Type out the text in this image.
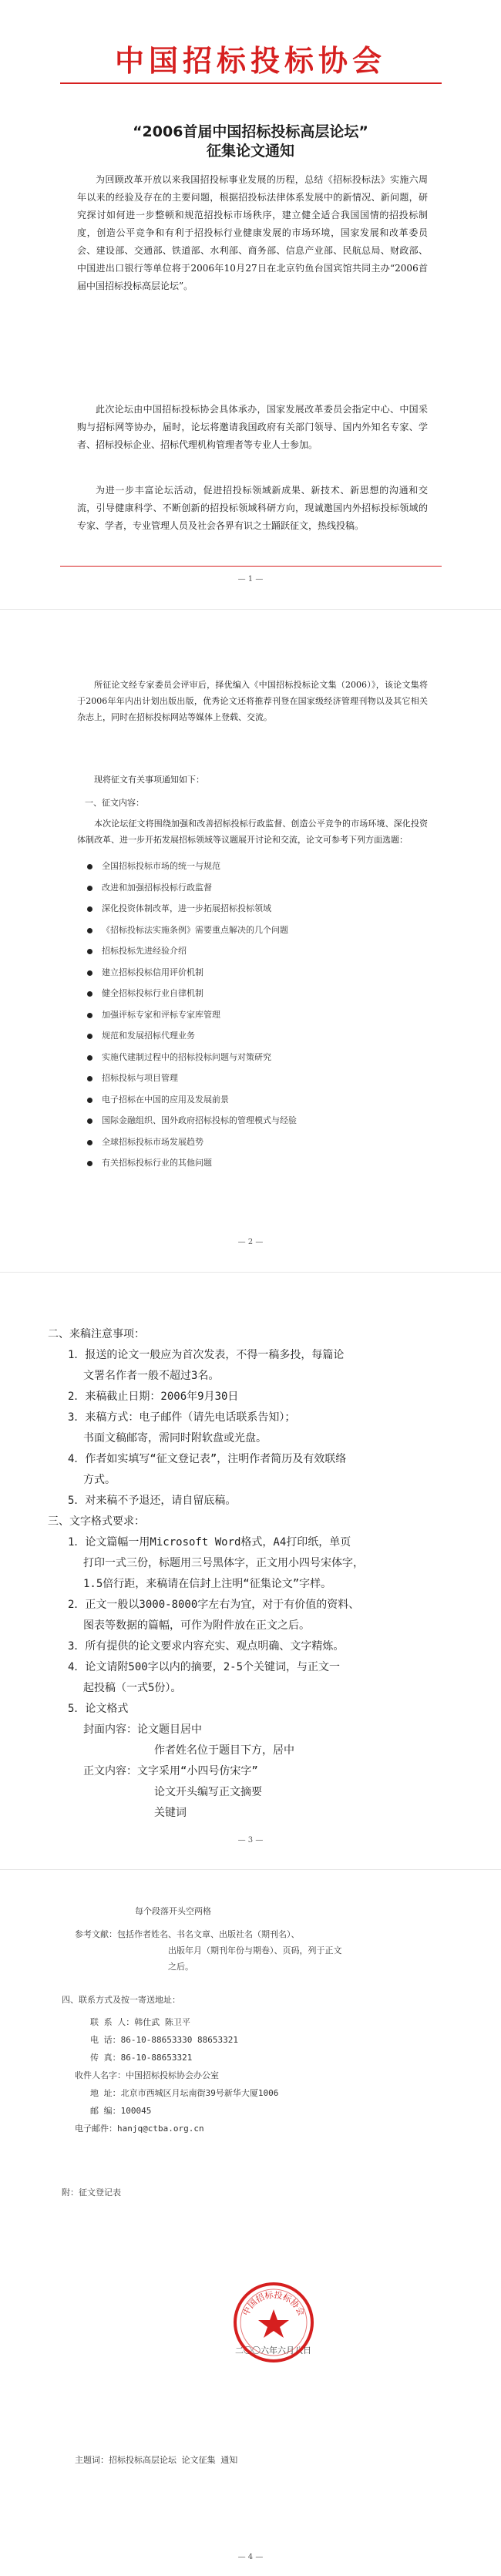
中国招标投标协会
“2006首届中国招标投标高层论坛”
征集论文通知
为回顾改革开放以来我国招投标事业发展的历程，总结《招标投标法》实施六周年以来的经验及存在的主要问题，根据招投标法律体系发展中的新情况、新问题，研究探讨如何进一步整顿和规范招投标市场秩序，建立健全适合我国国情的招投标制度，创造公平竞争和有利于招投标行业健康发展的市场环境，国家发展和改革委员会、建设部、交通部、铁道部、水利部、商务部、信息产业部、民航总局、财政部、中国进出口银行等单位将于2006年10月27日在北京钓鱼台国宾馆共同主办“2006首届中国招标投标高层论坛”。
此次论坛由中国招标投标协会具体承办，国家发展改革委员会指定中心、中国采购与招标网等协办，届时，论坛将邀请我国政府有关部门领导、国内外知名专家、学者、招标投标企业、招标代理机构管理者等专业人士参加。
为进一步丰富论坛活动，促进招投标领域新成果、新技术、新思想的沟通和交流，引导健康科学、不断创新的招投标领域科研方向，现诚邀国内外招标投标领域的专家、学者，专业管理人员及社会各界有识之士踊跃征文，热线投稿。
— 1 —
所征论文经专家委员会评审后，择优编入《中国招标投标论文集（2006）》，该论文集将于2006年年内出计划出版出版，优秀论文还将推荐刊登在国家级经济管理刊物以及其它相关杂志上，同时在招标投标网站等媒体上登载、交流。
现将征文有关事项通知如下：
一、征文内容：
本次论坛征文将围绕加强和改善招标投标行政监督、创造公平竞争的市场环境、深化投资体制改革、进一步开拓发展招标领域等议题展开讨论和交流，论文可参考下列方面选题：
全国招标投标市场的统一与规范
改进和加强招标投标行政监督
深化投资体制改革，进一步拓展招标投标领域
《招标投标法实施条例》需要重点解决的几个问题
招标投标先进经验介绍
建立招标投标信用评价机制
健全招标投标行业自律机制
加强评标专家和评标专家库管理
规范和发展招标代理业务
实施代建制过程中的招标投标问题与对策研究
招标投标与项目管理
电子招标在中国的应用及发展前景
国际金融组织、国外政府招标投标的管理模式与经验
全球招标投标市场发展趋势
有关招标投标行业的其他问题
— 2 —
二、来稿注意事项：
1．报送的论文一般应为首次发表，不得一稿多投，每篇论
文署名作者一般不超过3名。
2．来稿截止日期：2006年9月30日
3．来稿方式：电子邮件（请先电话联系告知）；
书面文稿邮寄，需同时附软盘或光盘。
4．作者如实填写“征文登记表”，注明作者简历及有效联络
方式。
5．对来稿不予退还，请自留底稿。
三、文字格式要求：
1．论文篇幅一用Microsoft Word格式，A4打印纸，单页
打印一式三份，标题用三号黑体字，正文用小四号宋体字，
1.5倍行距，来稿请在信封上注明“征集论文”字样。
2．正文一般以3000-8000字左右为宜，对于有价值的资料、
图表等数据的篇幅，可作为附件放在正文之后。
3．所有提供的论文要求内容充实、观点明确、文字精炼。
4．论文请附500字以内的摘要，2-5个关键词，与正文一
起投稿（一式5份）。
5．论文格式
封面内容：论文题目居中
作者姓名位于题目下方，居中
正文内容：文字采用“小四号仿宋字”
论文开头编写正文摘要
关键词
— 3 —
每个段落开头空两格
参考文献：包括作者姓名、书名文章、出版社名（期刊名）、
出版年月（期刊年份与期卷）、页码，列于正文
之后。
四、联系方式及按一寄送地址：
联 系 人：韩仕武 陈卫平
电 话：86-10-88653330 88653321
传 真：86-10-88653321
收件人名字：中国招标投标协会办公室
地 址：北京市西城区月坛南街39号新华大厦1006
邮 编：100045
电子邮件：hanjq@ctba.org.cn
附：征文登记表
二〇〇六年六月八日
主题词：招标投标高层论坛 论文征集 通知
中国招标投标协会
— 4 —
